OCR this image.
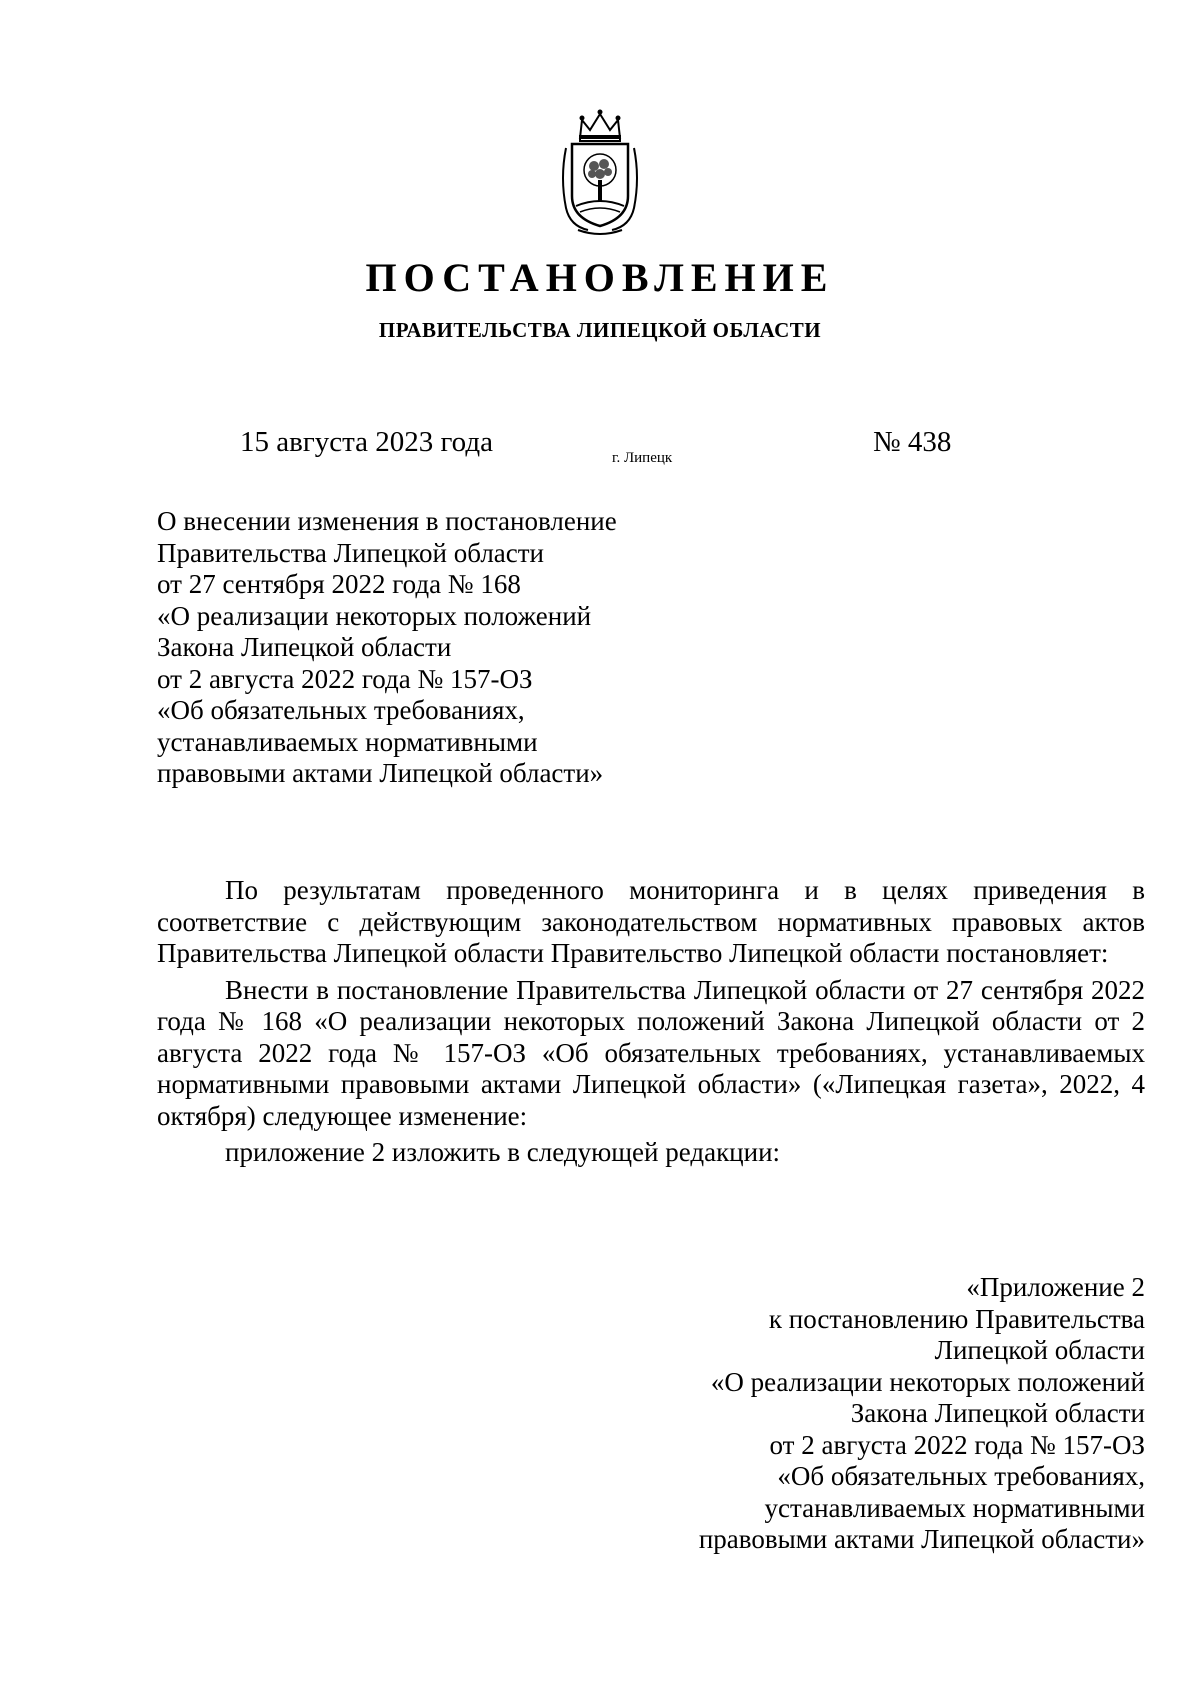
ПОСТАНОВЛЕНИЕ
ПРАВИТЕЛЬСТВА ЛИПЕЦКОЙ ОБЛАСТИ
15 августа 2023 года	г. Липецк	№ 438
О внесении изменения в постановление
Правительства Липецкой области
от 27 сентября 2022 года № 168
«О реализации некоторых положений
Закона Липецкой области
от 2 августа 2022 года № 157-ОЗ
«Об обязательных требованиях,
устанавливаемых нормативными
правовыми актами Липецкой области»

По результатам проведенного мониторинга и в целях приведения в соответствие с действующим законодательством нормативных правовых актов Правительства Липецкой области Правительство Липецкой области постановляет:

Внести в постановление Правительства Липецкой области от 27 сентября 2022 года № 168 «О реализации некоторых положений Закона Липецкой области от 2 августа 2022 года № 157-ОЗ «Об обязательных требованиях, устанавливаемых нормативными правовыми актами Липецкой области» («Липецкая газета», 2022, 4 октября) следующее изменение:

приложение 2 изложить в следующей редакции:

«Приложение 2
к постановлению Правительства
Липецкой области
«О реализации некоторых положений
Закона Липецкой области
от 2 августа 2022 года № 157-ОЗ
«Об обязательных требованиях,
устанавливаемых нормативными
правовыми актами Липецкой области»
